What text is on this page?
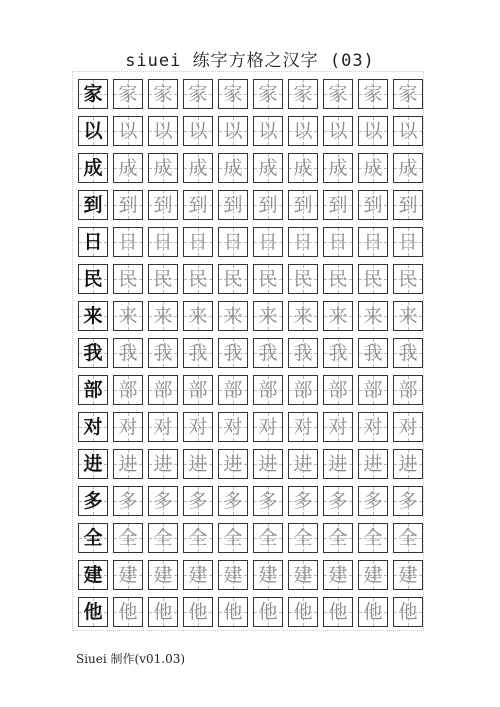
siuei 练字方格之汉字 (03)
家 家 家 家 家 家 家 家 家 家
以 以 以 以 以 以 以 以 以 以
成 成 成 成 成 成 成 成 成 成
到 到 到 到 到 到 到 到 到 到
日 日 日 日 日 日 日 日 日 日
民 民 民 民 民 民 民 民 民 民
来 来 来 来 来 来 来 来 来 来
我 我 我 我 我 我 我 我 我 我
部 部 部 部 部 部 部 部 部 部
对 对 对 对 对 对 对 对 对 对
进 进 进 进 进 进 进 进 进 进
多 多 多 多 多 多 多 多 多 多
全 全 全 全 全 全 全 全 全 全
建 建 建 建 建 建 建 建 建 建
他 他 他 他 他 他 他 他 他 他
Siuei 制作(v01.03)
